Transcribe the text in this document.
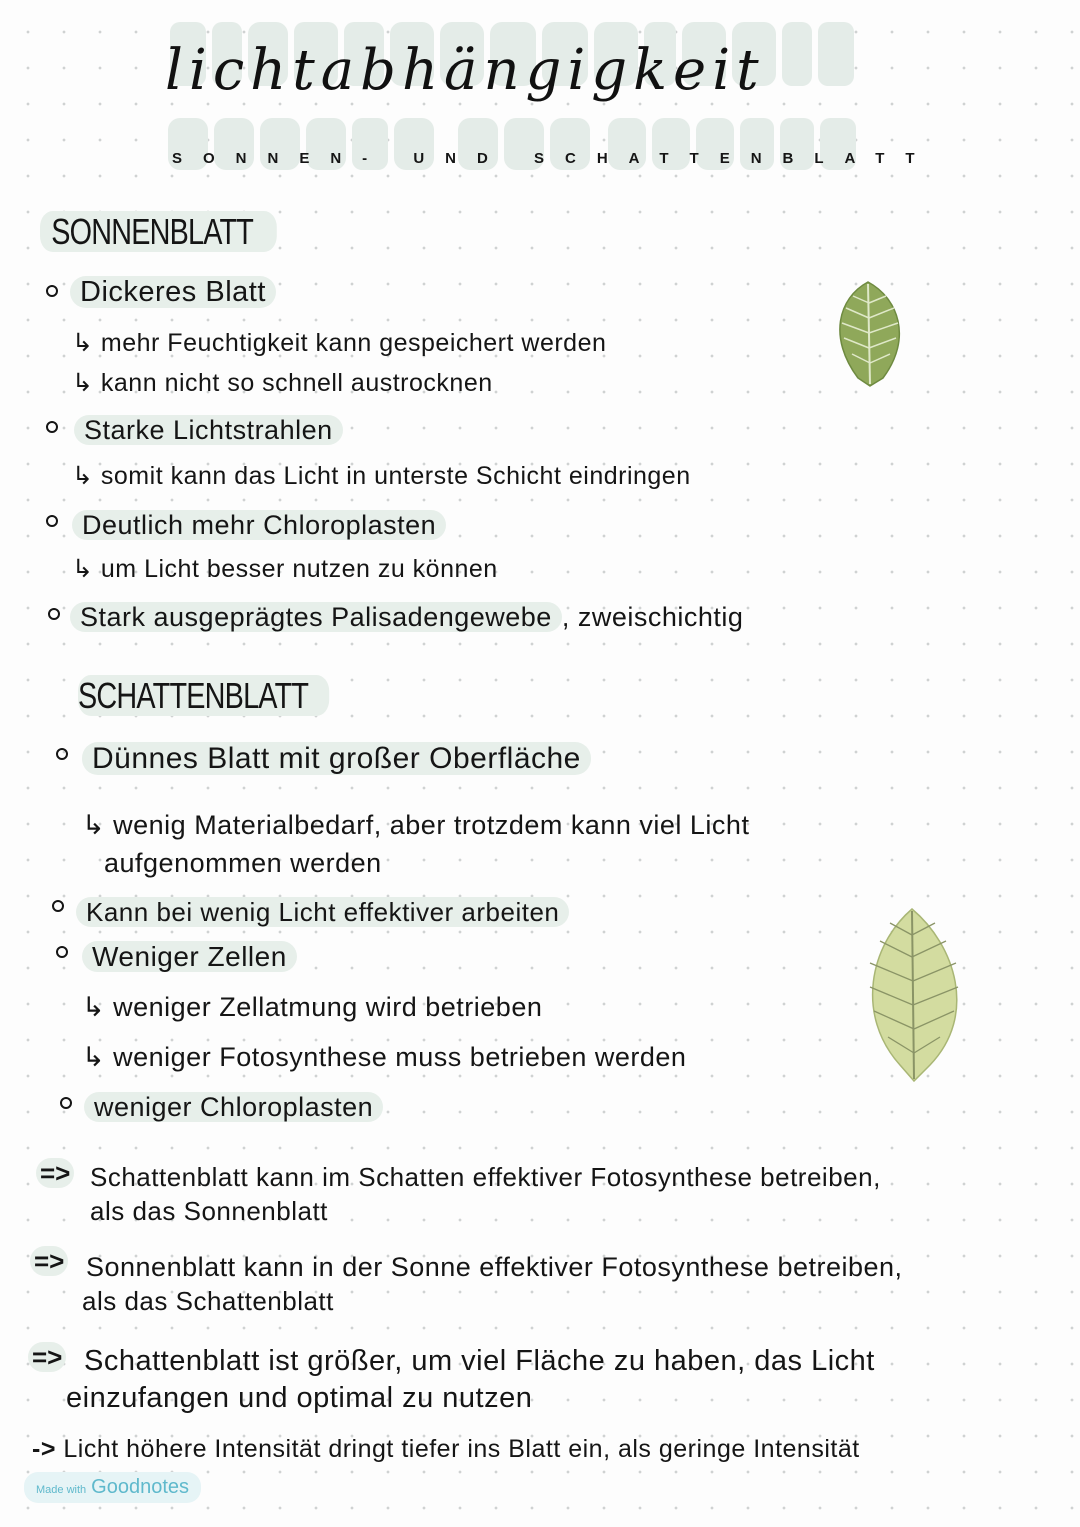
lichtabhängigkeit
SONNEN- UND SCHATTENBLATT
SONNENBLATT
Dickeres Blatt
↳ mehr Feuchtigkeit kann gespeichert werden
↳ kann nicht so schnell austrocknen
Starke Lichtstrahlen
↳ somit kann das Licht in unterste Schicht eindringen
Deutlich mehr Chloroplasten
↳ um Licht besser nutzen zu können
Stark ausgeprägtes Palisadengewebe , zweischichtig
SCHATTENBLATT
Dünnes Blatt mit großer Oberfläche
↳ wenig Materialbedarf, aber trotzdem kann viel Licht
aufgenommen werden
Kann bei wenig Licht effektiver arbeiten
Weniger Zellen
↳ weniger Zellatmung wird betrieben
↳ weniger Fotosynthese muss betrieben werden
weniger Chloroplasten
=> Schattenblatt kann im Schatten effektiver Fotosynthese betreiben,
als das Sonnenblatt
=> Sonnenblatt kann in der Sonne effektiver Fotosynthese betreiben,
als das Schattenblatt
=> Schattenblatt ist größer, um viel Fläche zu haben, das Licht
einzufangen und optimal zu nutzen
-> Licht höhere Intensität dringt tiefer ins Blatt ein, als geringe Intensität
Made with Goodnotes
